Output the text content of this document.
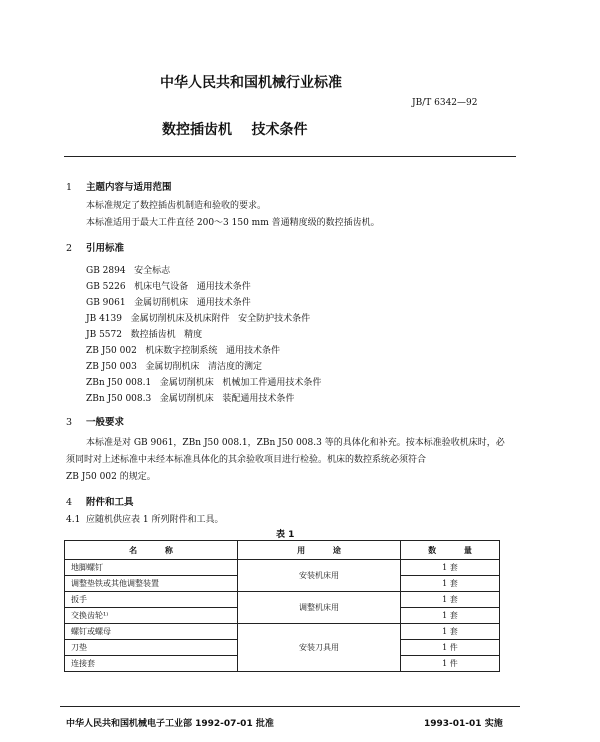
中华人民共和国机械行业标准
JB/T 6342—92
数控插齿机    技术条件
1 主题内容与适用范围
本标准规定了数控插齿机制造和验收的要求。
本标准适用于最大工件直径 200～3 150 mm 普通精度级的数控插齿机。
2 引用标准
GB 2894   安全标志
GB 5226   机床电气设备   通用技术条件
GB 9061   金属切削机床   通用技术条件
JB 4139   金属切削机床及机床附件   安全防护技术条件
JB 5572   数控插齿机   精度
ZB J50 002   机床数字控制系统   通用技术条件
ZB J50 003   金属切削机床   清洁度的测定
ZBn J50 008.1   金属切削机床   机械加工件通用技术条件
ZBn J50 008.3   金属切削机床   装配通用技术条件
3 一般要求
本标准是对 GB 9061，ZBn J50 008.1，ZBn J50 008.3 等的具体化和补充。按本标准验收机床时，必
须同时对上述标准中未经本标准具体化的其余验收项目进行检验。机床的数控系统必须符合
ZB J50 002 的规定。
4 附件和工具
4.1 应随机供应表 1 所列附件和工具。
表 1
名          称	用          途	数          量
地脚螺钉	安装机床用	1 套
调整垫铁或其他调整装置		1 套
扳手	调整机床用	1 套
交换齿轮¹⁾		1 套
螺钉或螺母	安装刀具用	1 套
刀垫		1 件
连接套		1 件
中华人民共和国机械电子工业部 1992-07-01 批准	1993-01-01 实施
